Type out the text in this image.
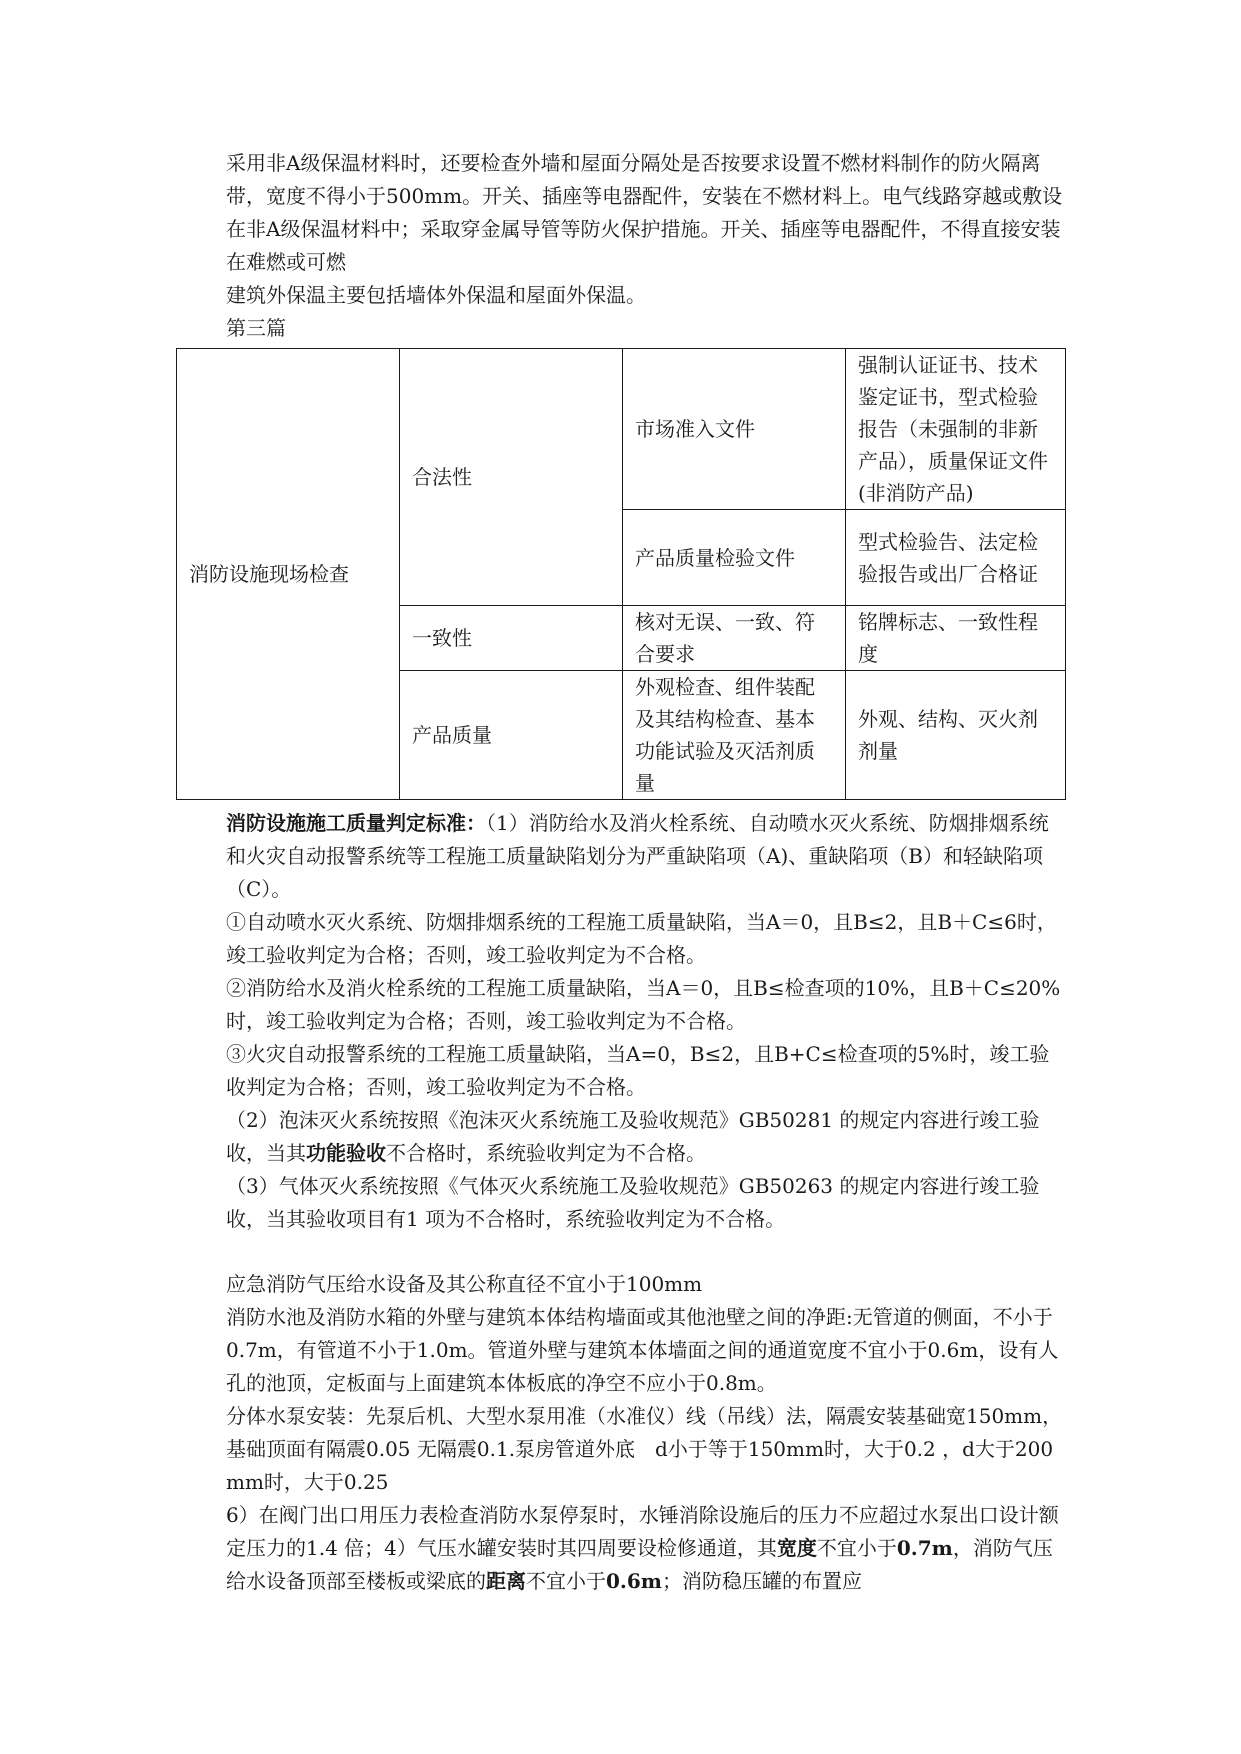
采用非A级保温材料时，还要检查外墙和屋面分隔处是否按要求设置不燃材料制作的防火隔离带，宽度不得小于500mm。开关、插座等电器配件，安装在不燃材料上。电气线路穿越或敷设在非A级保温材料中；采取穿金属导管等防火保护措施。开关、插座等电器配件，不得直接安装在难燃或可燃

建筑外保温主要包括墙体外保温和屋面外保温。

第三篇

消防设施现场检查	合法性	市场准入文件	强制认证证书、技术鉴定证书，型式检验报告（未强制的非新产品），质量保证文件(非消防产品)
		产品质量检验文件	型式检验告、法定检验报告或出厂合格证
	一致性	核对无误、一致、符合要求	铭牌标志、一致性程度
	产品质量	外观检查、组件装配及其结构检查、基本功能试验及灭活剂质量	外观、结构、灭火剂剂量

消防设施施工质量判定标准：（1）消防给水及消火栓系统、自动喷水灭火系统、防烟排烟系统和火灾自动报警系统等工程施工质量缺陷划分为严重缺陷项（A)、重缺陷项（B）和轻缺陷项（C）。

①自动喷水灭火系统、防烟排烟系统的工程施工质量缺陷，当A＝0，且B≤2，且B＋C≤6时，竣工验收判定为合格；否则，竣工验收判定为不合格。

②消防给水及消火栓系统的工程施工质量缺陷，当A＝0，且B≤检查项的10%，且B＋C≤20%时，竣工验收判定为合格；否则，竣工验收判定为不合格。

③火灾自动报警系统的工程施工质量缺陷，当A=0，B≤2，且B+C≤检查项的5%时，竣工验收判定为合格；否则，竣工验收判定为不合格。

（2）泡沫灭火系统按照《泡沫灭火系统施工及验收规范》GB50281 的规定内容进行竣工验收，当其功能验收不合格时，系统验收判定为不合格。

（3）气体灭火系统按照《气体灭火系统施工及验收规范》GB50263 的规定内容进行竣工验收，当其验收项目有1 项为不合格时，系统验收判定为不合格。

应急消防气压给水设备及其公称直径不宜小于100mm

消防水池及消防水箱的外壁与建筑本体结构墙面或其他池壁之间的净距:无管道的侧面，不小于0.7m，有管道不小于1.0m。管道外壁与建筑本体墙面之间的通道宽度不宜小于0.6m，设有人孔的池顶，定板面与上面建筑本体板底的净空不应小于0.8m。

分体水泵安装：先泵后机、大型水泵用准（水准仪）线（吊线）法，隔震安装基础宽150mm，基础顶面有隔震0.05 无隔震0.1.泵房管道外底　d小于等于150mm时，大于0.2 ，d大于200mm时，大于0.25

6）在阀门出口用压力表检查消防水泵停泵时，水锤消除设施后的压力不应超过水泵出口设计额定压力的1.4 倍；4）气压水罐安装时其四周要设检修通道，其宽度不宜小于0.7m，消防气压给水设备顶部至楼板或梁底的距离不宜小于0.6m；消防稳压罐的布置应
